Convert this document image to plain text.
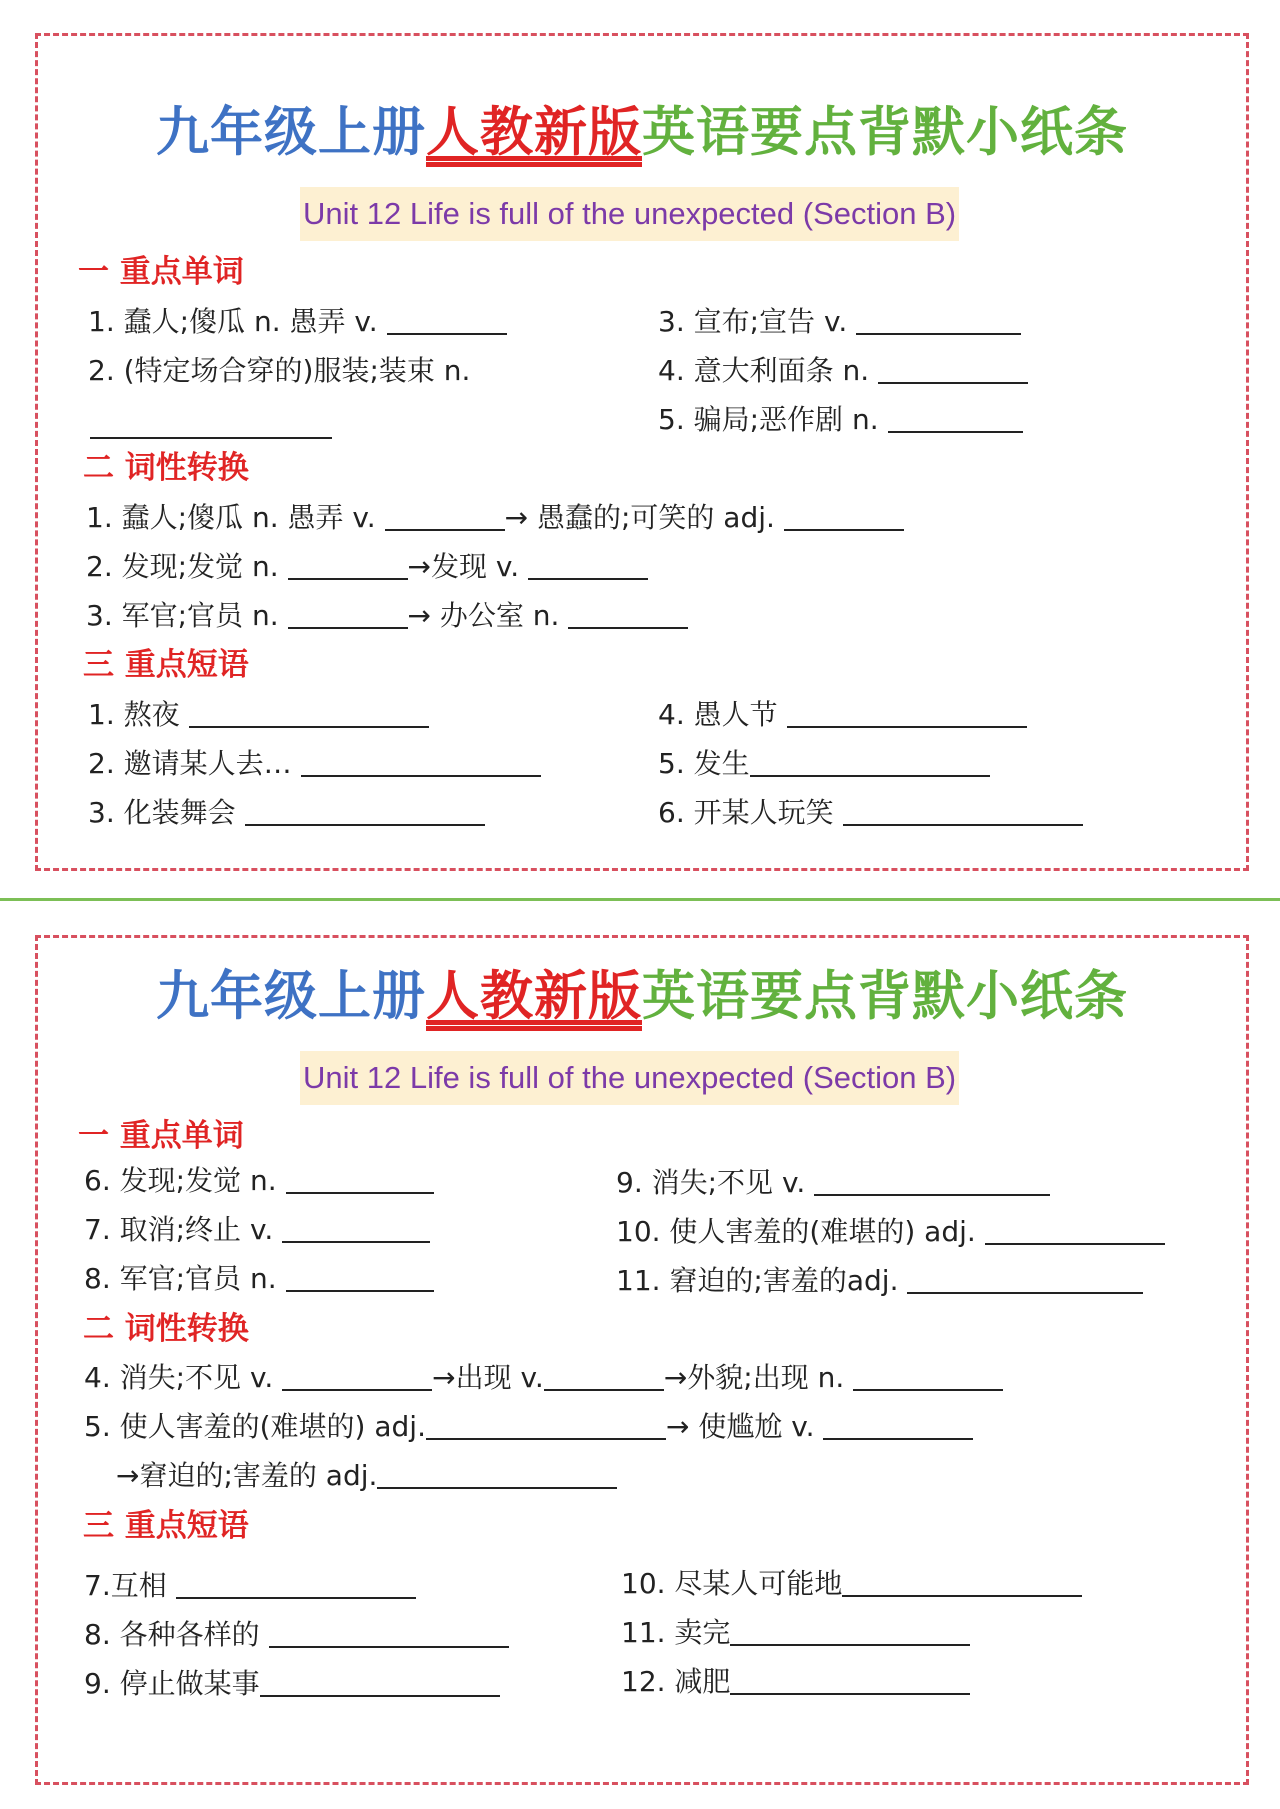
九年级上册人教新版英语要点背默小纸条
Unit 12 Life is full of the unexpected (Section B)
一 重点单词
1. 蠢人;傻瓜 n. 愚弄 v.
2. (特定场合穿的)服装;装束 n.
3. 宣布;宣告 v.
4. 意大利面条 n.
5. 骗局;恶作剧 n.
二 词性转换
1. 蠢人;傻瓜 n. 愚弄 v.	→ 愚蠢的;可笑的 adj.
2. 发现;发觉 n.	→发现 v.
3. 军官;官员 n.	→ 办公室 n.
三 重点短语
1. 熬夜
2. 邀请某人去…
3. 化装舞会
4. 愚人节
5. 发生
6. 开某人玩笑
九年级上册人教新版英语要点背默小纸条
Unit 12 Life is full of the unexpected (Section B)
一 重点单词
6. 发现;发觉 n.
7. 取消;终止 v.
8. 军官;官员 n.
9. 消失;不见 v.
10. 使人害羞的(难堪的) adj.
11. 窘迫的;害羞的adj.
二 词性转换
4. 消失;不见 v.	→出现 v.	→外貌;出现 n.
5. 使人害羞的(难堪的) adj.	→ 使尴尬 v.
→窘迫的;害羞的 adj.
三 重点短语
7.互相
8. 各种各样的
9. 停止做某事
10. 尽某人可能地
11. 卖完
12. 减肥
